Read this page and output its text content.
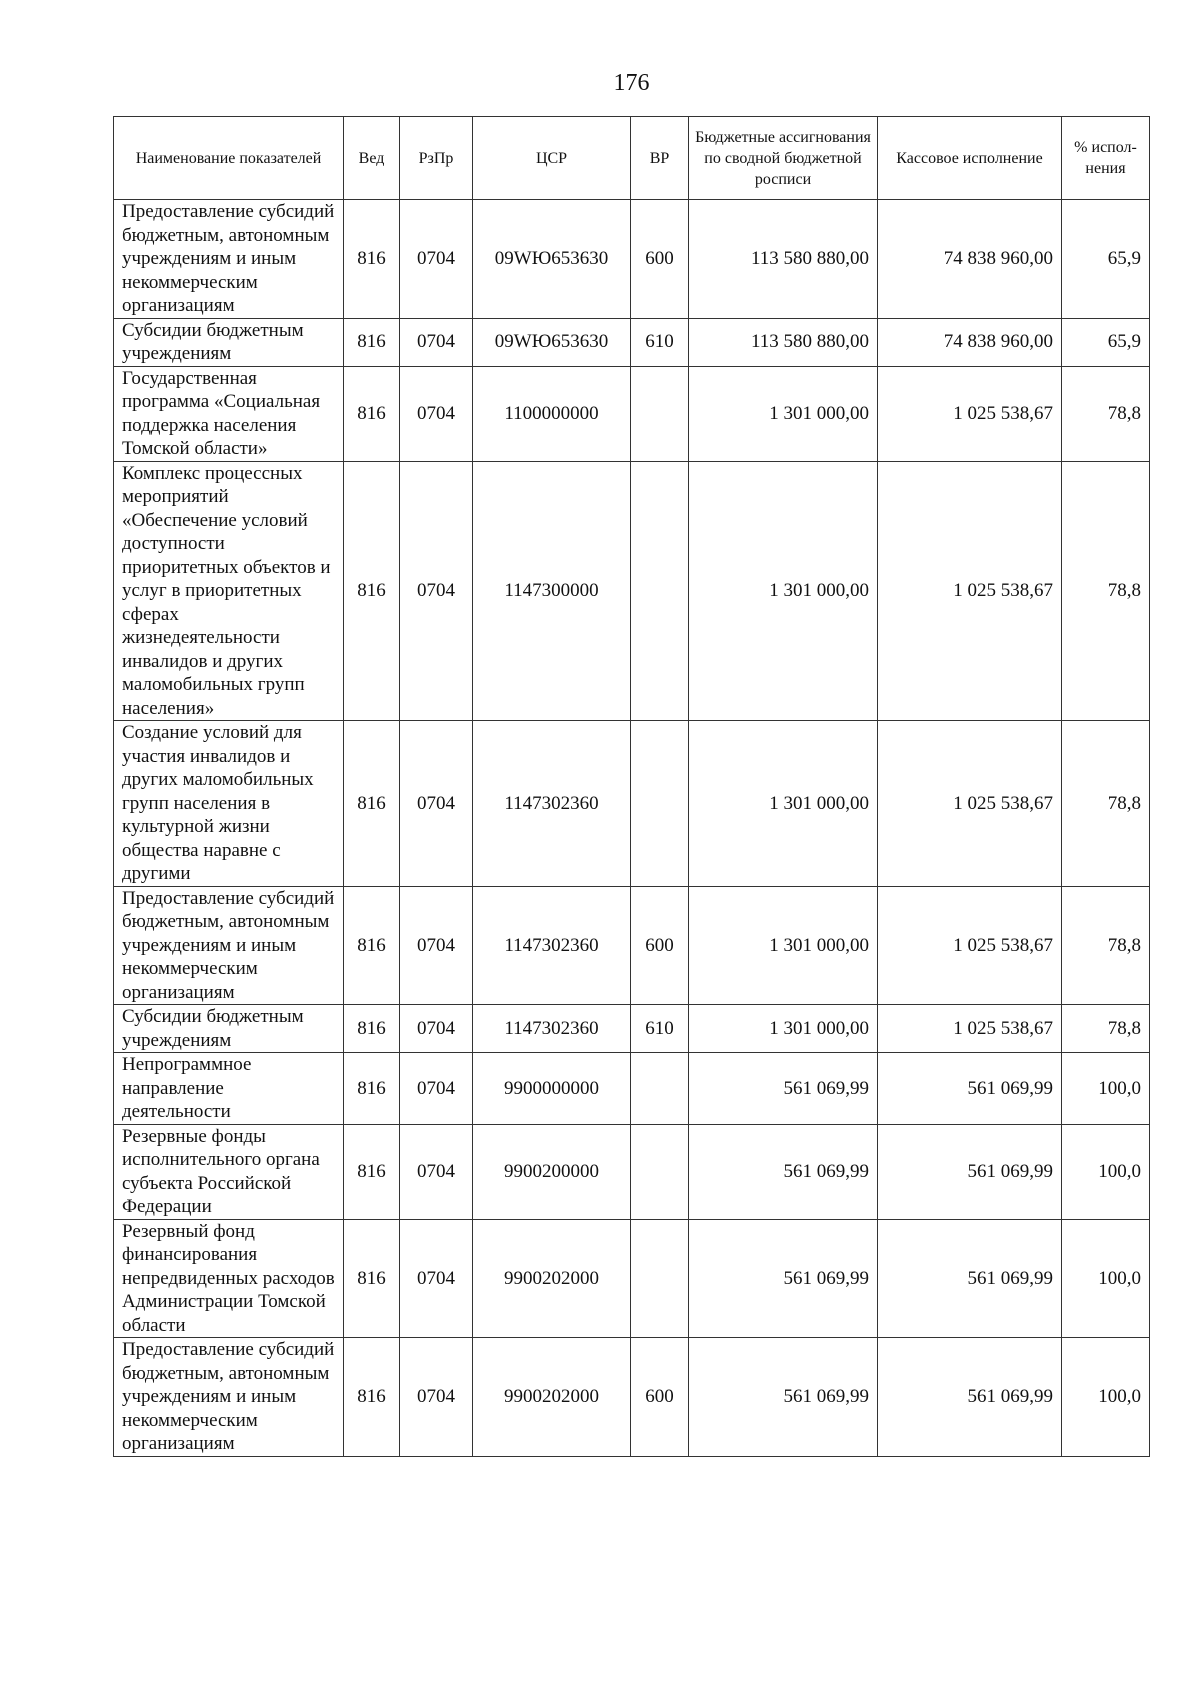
176
Наименование показателей	Вед	РзПр	ЦСР	ВР	Бюджетные ассигнования по сводной бюджетной росписи	Кассовое исполнение	% испол-нения
Предоставление субсидий бюджетным, автономным учреждениям и иным некоммерческим организациям	816	0704	09WЮ653630	600	113 580 880,00	74 838 960,00	65,9
Субсидии бюджетным учреждениям	816	0704	09WЮ653630	610	113 580 880,00	74 838 960,00	65,9
Государственная программа «Социальная поддержка населения Томской области»	816	0704	1100000000		1 301 000,00	1 025 538,67	78,8
Комплекс процессных мероприятий «Обеспечение условий доступности приоритетных объектов и услуг в приоритетных сферах жизнедеятельности инвалидов и других маломобильных групп населения»	816	0704	1147300000		1 301 000,00	1 025 538,67	78,8
Создание условий для участия инвалидов и других маломобильных групп населения в культурной жизни общества наравне с другими	816	0704	1147302360		1 301 000,00	1 025 538,67	78,8
Предоставление субсидий бюджетным, автономным учреждениям и иным некоммерческим организациям	816	0704	1147302360	600	1 301 000,00	1 025 538,67	78,8
Субсидии бюджетным учреждениям	816	0704	1147302360	610	1 301 000,00	1 025 538,67	78,8
Непрограммное направление деятельности	816	0704	9900000000		561 069,99	561 069,99	100,0
Резервные фонды исполнительного органа субъекта Российской Федерации	816	0704	9900200000		561 069,99	561 069,99	100,0
Резервный фонд финансирования непредвиденных расходов Администрации Томской области	816	0704	9900202000		561 069,99	561 069,99	100,0
Предоставление субсидий бюджетным, автономным учреждениям и иным некоммерческим организациям	816	0704	9900202000	600	561 069,99	561 069,99	100,0
